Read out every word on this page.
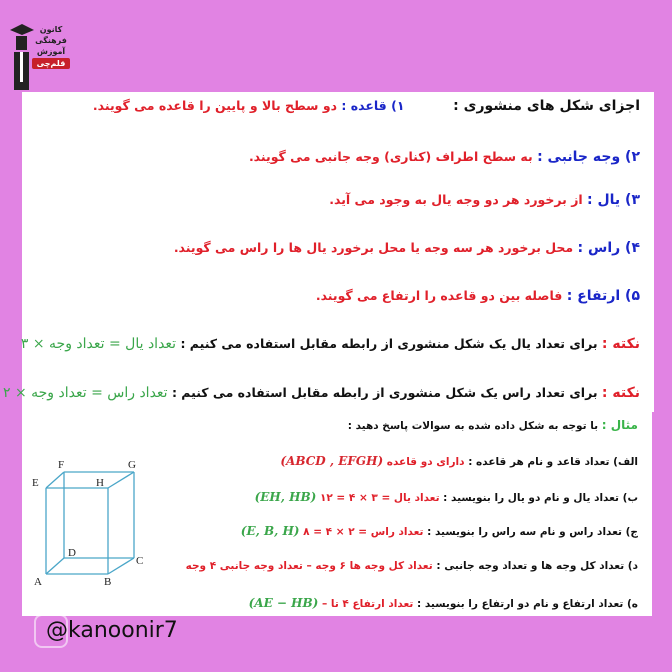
کانون
فرهنگی
آموزش
قلم‌چی
اجزای شکل های منشوری :  ۱) قاعده : دو سطح بالا و پایین را قاعده می گویند.
۲) وجه جانبی : به سطح اطراف (کناری) وجه جانبی می گویند.
۳) یال : از برخورد هر دو وجه یال به وجود می آید.
۴) راس : محل برخورد هر سه وجه یا محل برخورد یال ها را راس می گویند.
۵) ارتفاع : فاصله بین دو قاعده را ارتفاع می گویند.
نکته : برای تعداد یال یک شکل منشوری از رابطه مقابل استفاده می کنیم : تعداد یال = تعداد وجه × ۳
نکته : برای تعداد راس یک شکل منشوری از رابطه مقابل استفاده می کنیم : تعداد راس = تعداد وجه × ۲
مثال : با توجه به شکل داده شده به سوالات پاسخ دهید :
الف) تعداد قاعد و نام هر قاعده : دارای دو قاعده (ABCD , EFGH)
ب) تعداد یال و نام دو یال را بنویسید : تعداد یال = ۳ × ۴ = ۱۲ (EH, HB)
ج) تعداد راس و نام سه راس را بنویسید : تعداد راس = ۲ × ۴ = ۸ (E, B, H)
د) تعداد کل وجه ها و تعداد وجه جانبی : تعداد کل وجه ها ۶ وجه – تعداد وجه جانبی ۴ وجه
ه) تعداد ارتفاع و نام دو ارتفاع را بنویسید : تعداد ارتفاع ۴ تا – (AE − HB)
E
F	G
H
D
C
A	B
@kanoonir7
